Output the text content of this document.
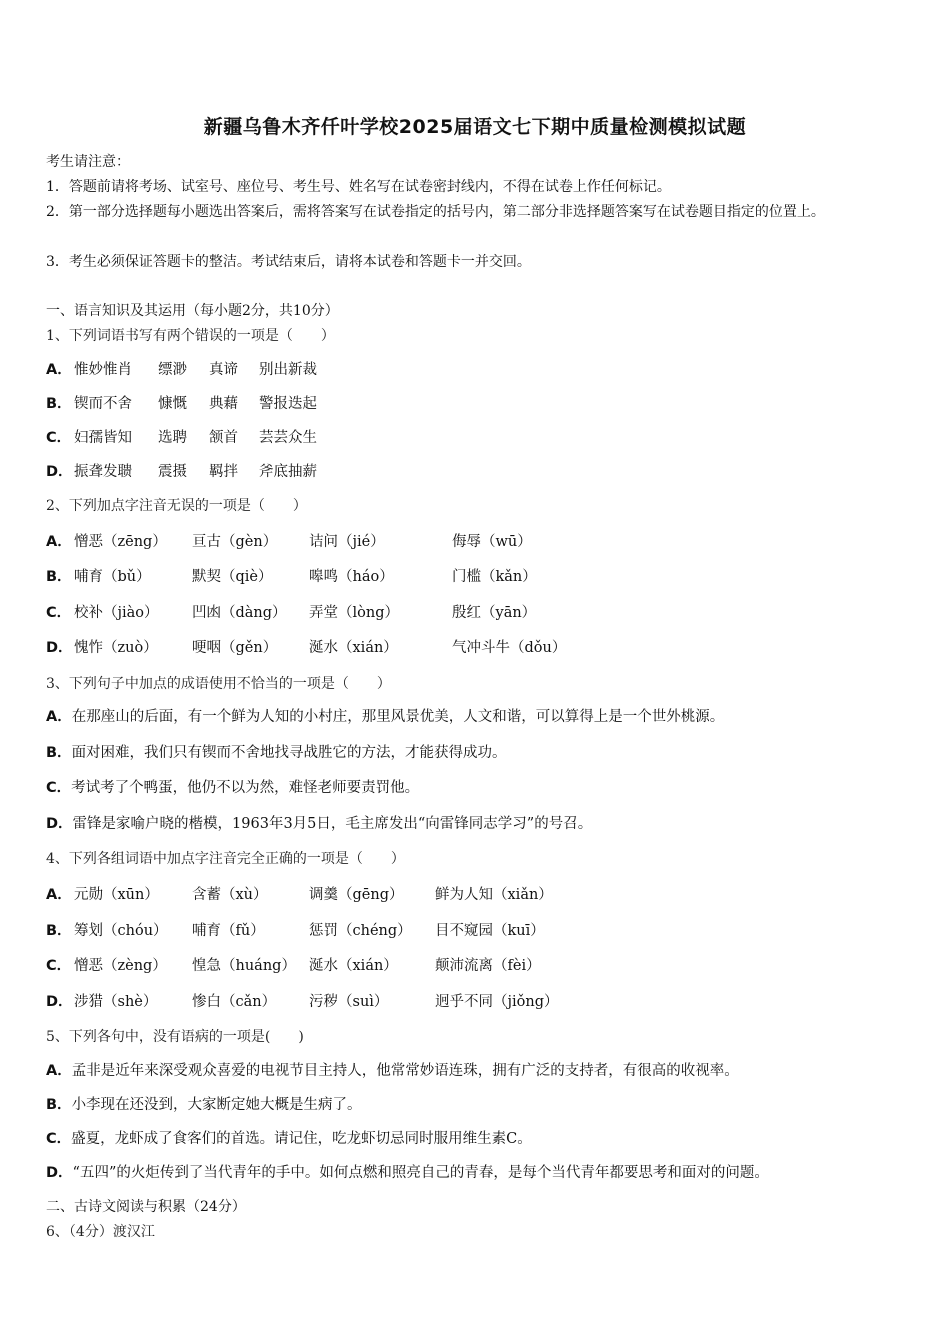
新疆乌鲁木齐仟叶学校2025届语文七下期中质量检测模拟试题
考生请注意：
1．答题前请将考场、试室号、座位号、考生号、姓名写在试卷密封线内，不得在试卷上作任何标记。
2．第一部分选择题每小题选出答案后，需将答案写在试卷指定的括号内，第二部分非选择题答案写在试卷题目指定的位置上。
3．考生必须保证答题卡的整洁。考试结束后，请将本试卷和答题卡一并交回。
一、语言知识及其运用（每小题2分，共10分）
1、下列词语书写有两个错误的一项是（　　）
A． 惟妙惟肖 缥渺 真谛 别出新裁
B． 锲而不舍 慷慨 典藉 警报迭起
C． 妇孺皆知 选聘 颔首 芸芸众生
D． 振聋发聩 震摄 羁拌 斧底抽薪
2、下列加点字注音无误的一项是（　　）
A． 憎恶（zēng） 亘古（gèn） 诘问（jié）	侮辱（wū）
B． 哺育（bǔ）	默契（qiè）	嗥鸣（háo）	门槛（kǎn）
C． 校补（jiào） 凹凼（dàng） 弄堂（lòng）	殷红（yān）
D． 愧怍（zuò） 哽咽（gěn） 涎水（xián）	气冲斗牛（dǒu）
3、下列句子中加点的成语使用不恰当的一项是（　　）
A．在那座山的后面，有一个鲜为人知的小村庄，那里风景优美，人文和谐，可以算得上是一个世外桃源。
B．面对困难，我们只有锲而不舍地找寻战胜它的方法，才能获得成功。
C．考试考了个鸭蛋，他仍不以为然，难怪老师要责罚他。
D．雷锋是家喻户晓的楷模，1963年3月5日，毛主席发出“向雷锋同志学习”的号召。
4、下列各组词语中加点字注音完全正确的一项是（　　）
A． 元勋（xūn） 含蓄（xù）	调羹（gēng） 鲜为人知（xiǎn）
B． 筹划（chóu） 哺育（fǔ）	惩罚（chéng） 目不窥园（kuī）
C． 憎恶（zèng） 惶急（huáng） 涎水（xián）	颠沛流离（fèi）
D． 涉猎（shè） 惨白（cǎn） 污秽（suì）	迥乎不同（jiǒng）
5、下列各句中，没有语病的一项是(　　)
A．孟非是近年来深受观众喜爱的电视节目主持人，他常常妙语连珠，拥有广泛的支持者，有很高的收视率。
B．小李现在还没到，大家断定她大概是生病了。
C．盛夏，龙虾成了食客们的首选。请记住，吃龙虾切忌同时服用维生素C。
D．“五四”的火炬传到了当代青年的手中。如何点燃和照亮自己的青春，是每个当代青年都要思考和面对的问题。
二、古诗文阅读与积累（24分）
6、（4分）渡汉江
